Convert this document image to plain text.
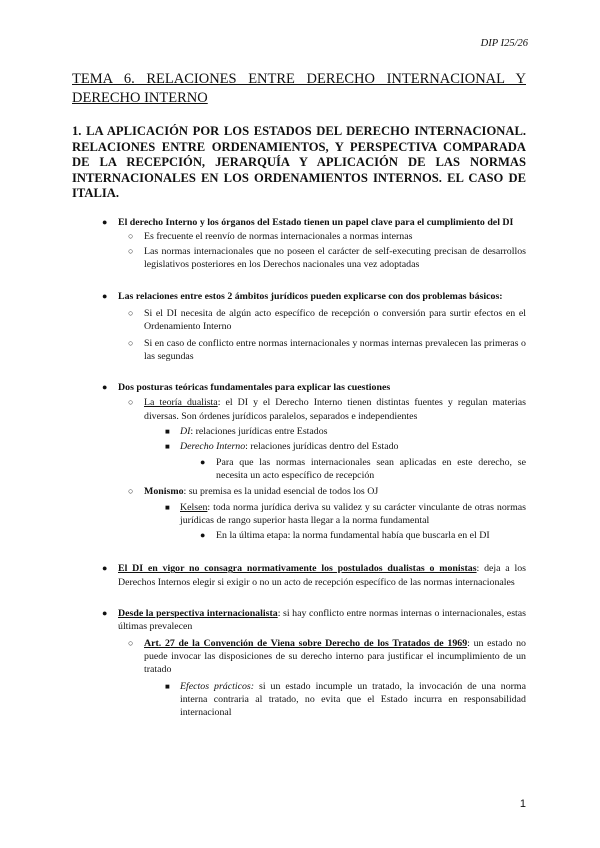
DIP I25/26
TEMA 6. RELACIONES ENTRE DERECHO INTERNACIONAL Y DERECHO INTERNO
1. LA APLICACIÓN POR LOS ESTADOS DEL DERECHO INTERNACIONAL. RELACIONES ENTRE ORDENAMIENTOS, Y PERSPECTIVA COMPARADA DE LA RECEPCIÓN, JERARQUÍA Y APLICACIÓN DE LAS NORMAS INTERNACIONALES EN LOS ORDENAMIENTOS INTERNOS. EL CASO DE ITALIA.
● El derecho Interno y los órganos del Estado tienen un papel clave para el cumplimiento del DI
○ Es frecuente el reenvío de normas internacionales a normas internas
○ Las normas internacionales que no poseen el carácter de self-executing precisan de desarrollos legislativos posteriores en los Derechos nacionales una vez adoptadas
● Las relaciones entre estos 2 ámbitos jurídicos pueden explicarse con dos problemas básicos:
○ Si el DI necesita de algún acto específico de recepción o conversión para surtir efectos en el Ordenamiento Interno
○ Si en caso de conflicto entre normas internacionales y normas internas prevalecen las primeras o las segundas
● Dos posturas teóricas fundamentales para explicar las cuestiones
○ La teoría dualista: el DI y el Derecho Interno tienen distintas fuentes y regulan materias diversas. Son órdenes jurídicos paralelos, separados e independientes
■ DI: relaciones jurídicas entre Estados
■ Derecho Interno: relaciones jurídicas dentro del Estado
● Para que las normas internacionales sean aplicadas en este derecho, se necesita un acto específico de recepción
○ Monismo: su premisa es la unidad esencial de todos los OJ
■ Kelsen: toda norma jurídica deriva su validez y su carácter vinculante de otras normas jurídicas de rango superior hasta llegar a la norma fundamental
● En la última etapa: la norma fundamental había que buscarla en el DI
● El DI en vigor no consagra normativamente los postulados dualistas o monistas: deja a los Derechos Internos elegir si exigir o no un acto de recepción específico de las normas internacionales
● Desde la perspectiva internacionalista: si hay conflicto entre normas internas o internacionales, estas últimas prevalecen
○ Art. 27 de la Convención de Viena sobre Derecho de los Tratados de 1969: un estado no puede invocar las disposiciones de su derecho interno para justificar el incumplimiento de un tratado
■ Efectos prácticos: si un estado incumple un tratado, la invocación de una norma interna contraria al tratado, no evita que el Estado incurra en responsabilidad internacional
1
